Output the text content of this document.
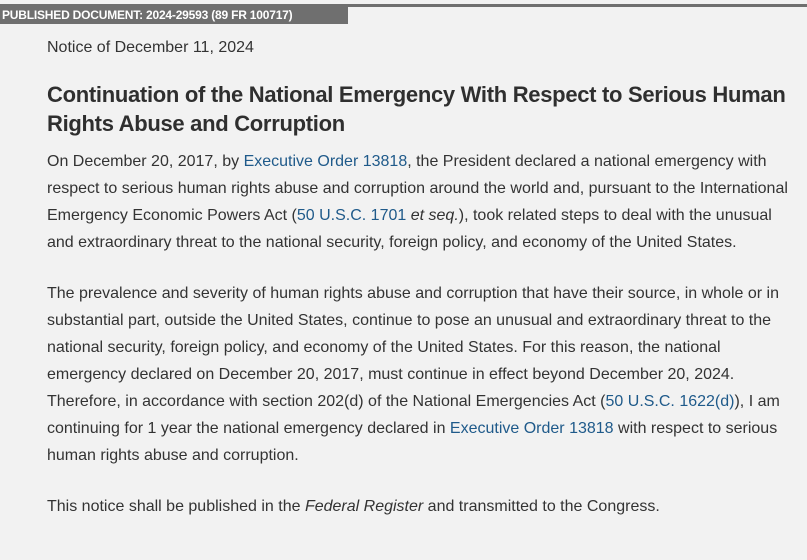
PUBLISHED DOCUMENT: 2024-29593 (89 FR 100717)

Notice of December 11, 2024

Continuation of the National Emergency With Respect to Serious Human Rights Abuse and Corruption

On December 20, 2017, by Executive Order 13818, the President declared a national emergency with respect to serious human rights abuse and corruption around the world and, pursuant to the International Emergency Economic Powers Act (50 U.S.C. 1701 et seq.), took related steps to deal with the unusual and extraordinary threat to the national security, foreign policy, and economy of the United States.

The prevalence and severity of human rights abuse and corruption that have their source, in whole or in substantial part, outside the United States, continue to pose an unusual and extraordinary threat to the national security, foreign policy, and economy of the United States. For this reason, the national emergency declared on December 20, 2017, must continue in effect beyond December 20, 2024. Therefore, in accordance with section 202(d) of the National Emergencies Act (50 U.S.C. 1622(d)), I am continuing for 1 year the national emergency declared in Executive Order 13818 with respect to serious human rights abuse and corruption.

This notice shall be published in the Federal Register and transmitted to the Congress.
